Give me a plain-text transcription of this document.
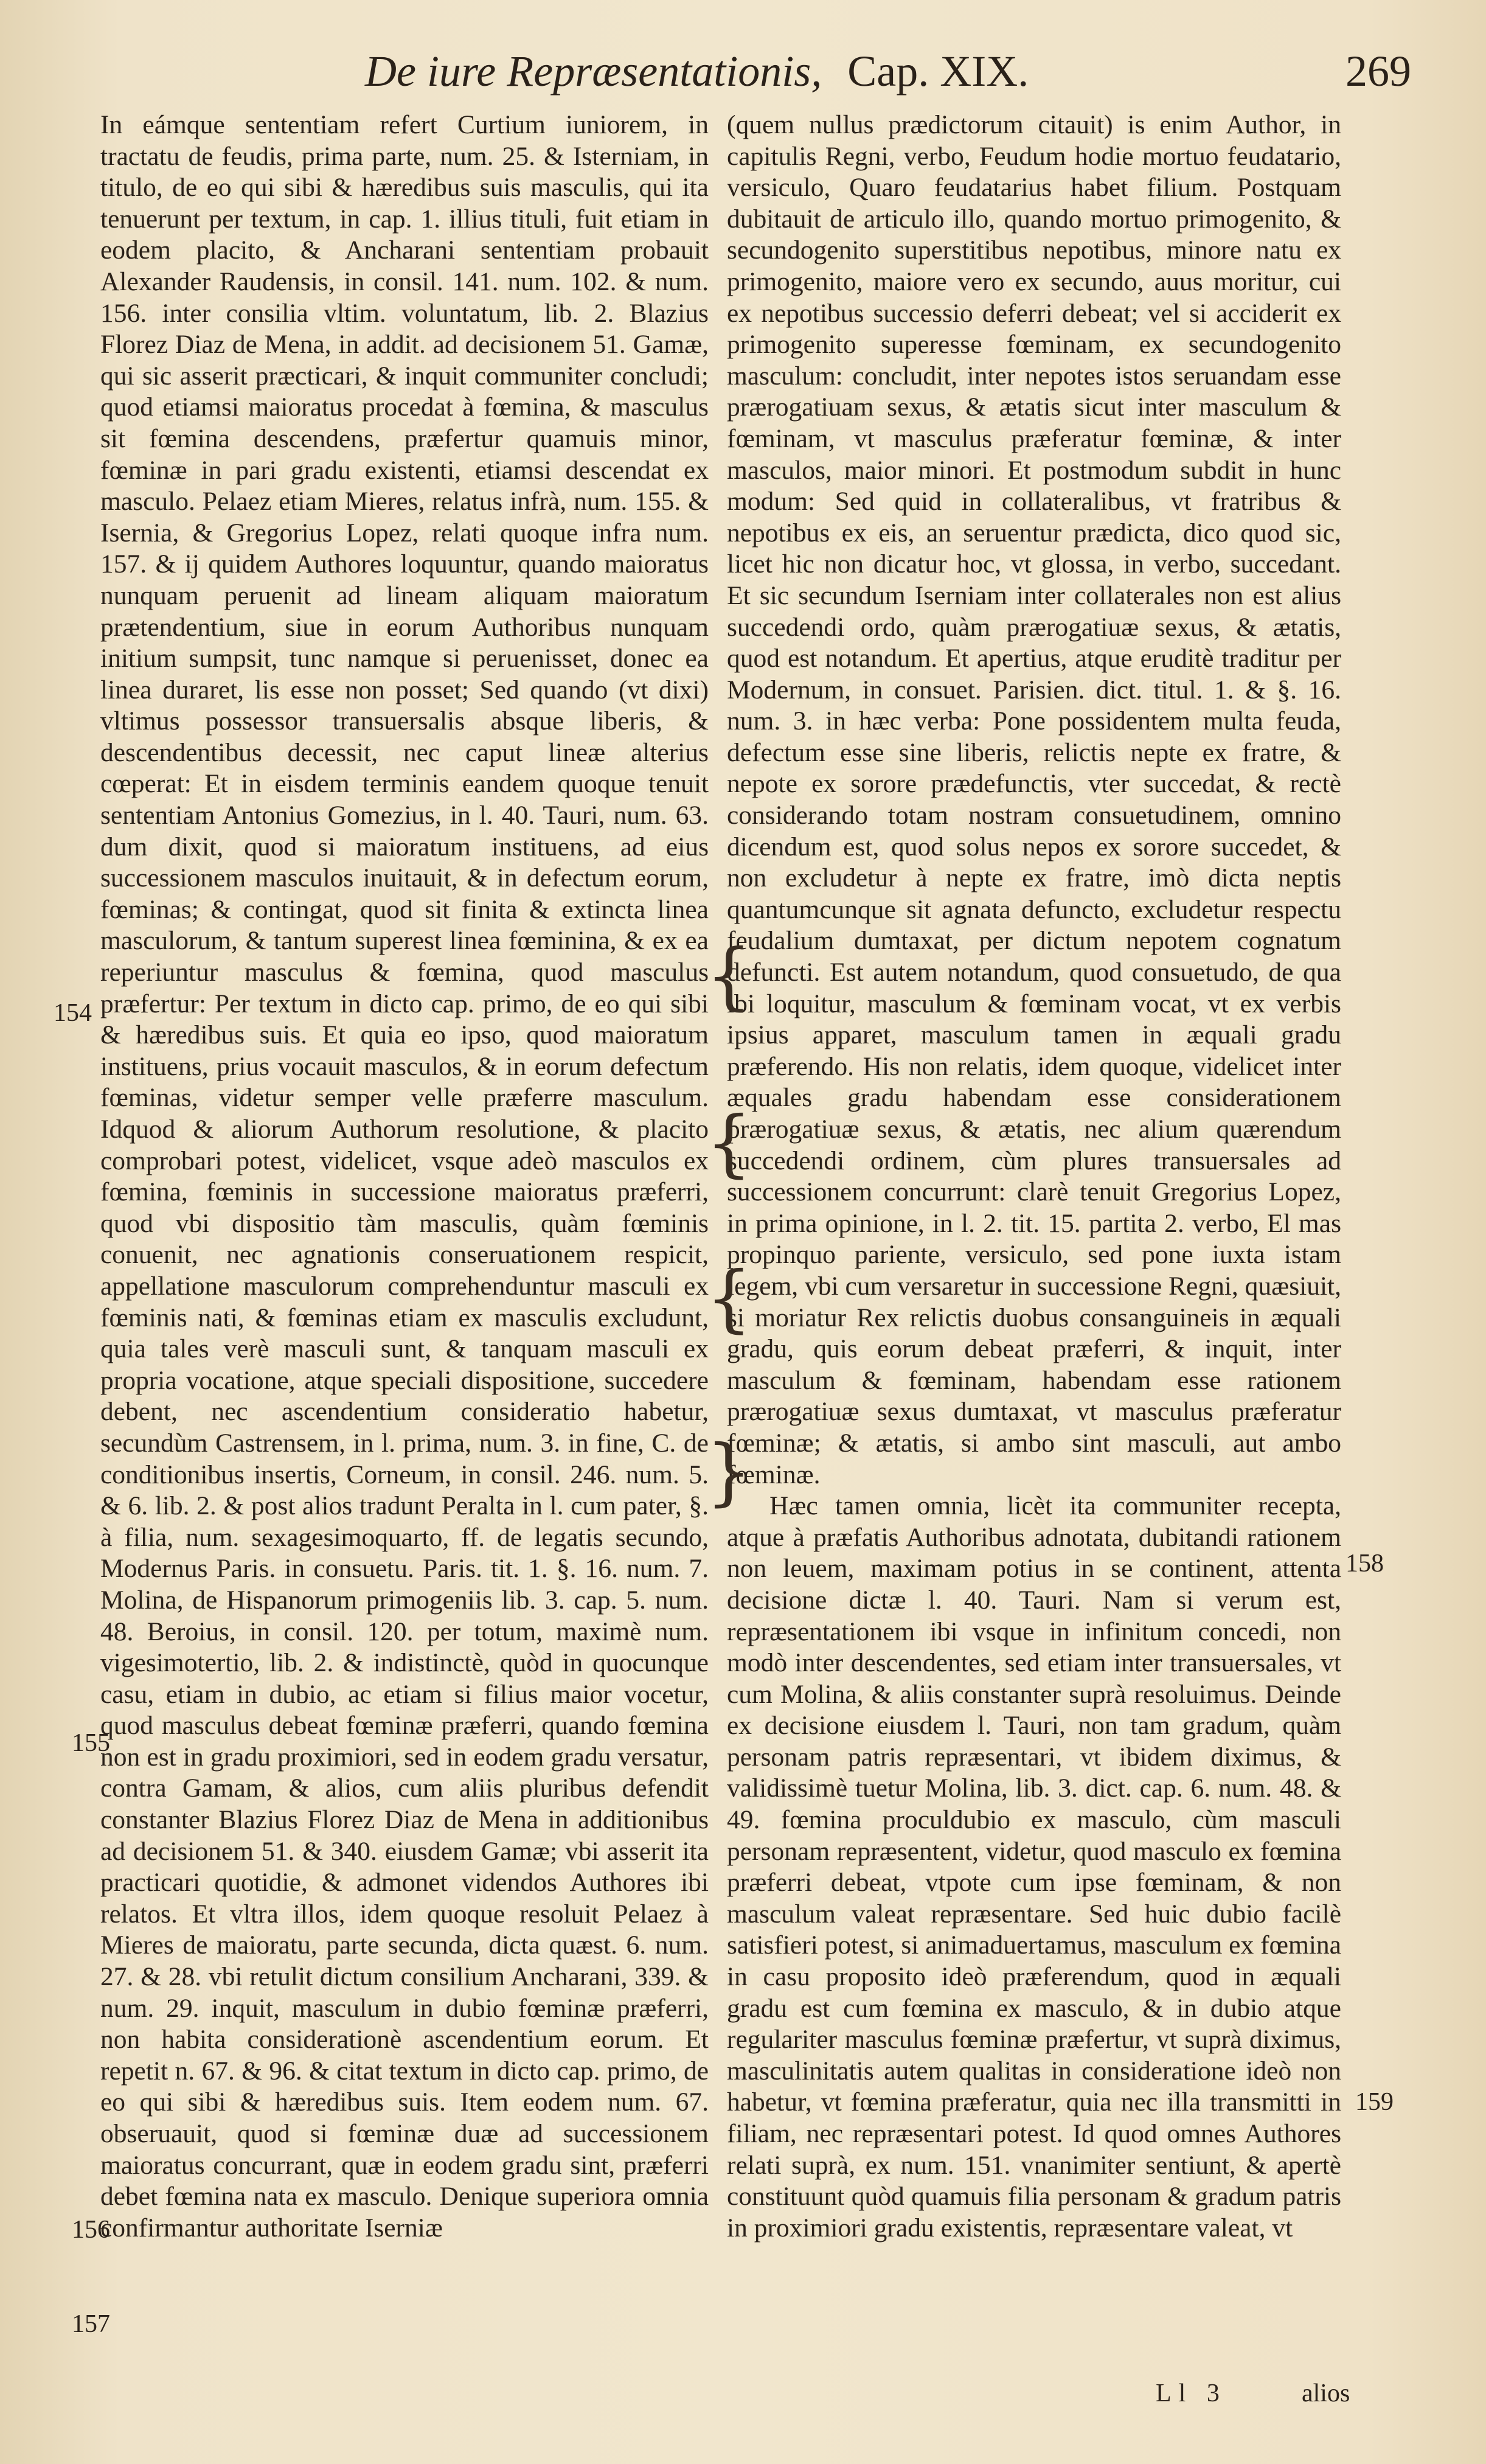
De iure Repræsentationis, Cap. XIX.	269

In eámque sententiam refert Curtium iuniorem, in tractatu de feudis, prima parte, num. 25. & Isterniam, in titulo, de eo qui sibi & hæredibus suis masculis, qui ita tenuerunt per textum, in cap. 1. illius tituli, fuit etiam in eodem placito, & Ancharani sententiam probauit Alexander Raudensis, in consil. 141. num. 102. & num. 156. inter consilia vltim. voluntatum, lib. 2. Blazius Florez Diaz de Mena, in addit. ad decisionem 51. Gamæ, qui sic asserit præcticari, & inquit communiter concludi; quod etiamsi maioratus procedat à fœmina, & masculus sit fœmina descendens, præfertur quamuis minor, fœminæ in pari gradu existenti, etiamsi descendat ex masculo. Pelaez etiam Mieres, relatus infrà, num. 155. & Isernia, & Gregorius Lopez, relati quoque infra num. 157. & ij quidem Authores loquuntur, quando maioratus nunquam peruenit ad lineam aliquam maioratum prætendentium, siue in eorum Authoribus nunquam initium sumpsit, tunc namque si peruenisset, donec ea linea duraret, lis esse non posset; Sed quando (vt dixi) vltimus possessor transuersalis absque liberis, & descendentibus decessit, nec caput lineæ alterius cœperat: Et in eisdem terminis eandem quoque tenuit sententiam Antonius Gomezius, in l. 40. Tauri, num. 63. dum dixit, quod si maioratum instituens, ad eius successionem masculos inuitauit, & in defectum eorum, fœminas; & contingat, quod sit finita & extincta linea masculorum, & tantum superest linea fœminina, & ex ea reperiuntur masculus & fœmina, quod masculus præfertur: Per textum in dicto cap. primo, de eo qui sibi & hæredibus suis. Et quia eo ipso, quod maioratum instituens, prius vocauit masculos, & in eorum defectum fœminas, videtur semper velle præferre masculum. Idquod & aliorum Authorum resolutione, & placito comprobari potest, videlicet, vsque adeò masculos ex fœmina, fœminis in successione maioratus præferri, quod vbi dispositio tàm masculis, quàm fœminis conuenit, nec agnationis conseruationem respicit, appellatione masculorum comprehenduntur masculi ex fœminis nati, & fœminas etiam ex masculis excludunt, quia tales verè masculi sunt, & tanquam masculi ex propria vocatione, atque speciali dispositione, succedere debent, nec ascendentium consideratio habetur, secundùm Castrensem, in l. prima, num. 3. in fine, C. de conditionibus insertis, Corneum, in consil. 246. num. 5. & 6. lib. 2. & post alios tradunt Peralta in l. cum pater, §. à filia, num. sexagesimoquarto, ff. de legatis secundo, Modernus Paris. in consuetu. Paris. tit. 1. §. 16. num. 7. Molina, de Hispanorum primogeniis lib. 3. cap. 5. num. 48. Beroius, in consil. 120. per totum, maximè num. vigesimotertio, lib. 2. & indistinctè, quòd in quocunque casu, etiam in dubio, ac etiam si filius maior vocetur, quod masculus debeat fœminæ præferri, quando fœmina non est in gradu proximiori, sed in eodem gradu versatur, contra Gamam, & alios, cum aliis pluribus defendit constanter Blazius Florez Diaz de Mena in additionibus ad decisionem 51. & 340. eiusdem Gamæ; vbi asserit ita practicari quotidie, & admonet videndos Authores ibi relatos. Et vltra illos, idem quoque resoluit Pelaez à Mieres de maioratu, parte secunda, dicta quæst. 6. num. 27. & 28. vbi retulit dictum consilium Ancharani, 339. & num. 29. inquit, masculum in dubio fœminæ præferri, non habita considerationè ascendentium eorum. Et repetit n. 67. & 96. & citat textum in dicto cap. primo, de eo qui sibi & hæredibus suis. Item eodem num. 67. obseruauit, quod si fœminæ duæ ad successionem maioratus concurrant, quæ in eodem gradu sint, præferri debet fœmina nata ex masculo. Denique superiora omnia confirmantur authoritate Iserniæ

(quem nullus prædictorum citauit) is enim Author, in capitulis Regni, verbo, Feudum hodie mortuo feudatario, versiculo, Quaro feudatarius habet filium. Postquam dubitauit de articulo illo, quando mortuo primogenito, & secundogenito superstitibus nepotibus, minore natu ex primogenito, maiore vero ex secundo, auus moritur, cui ex nepotibus successio deferri debeat; vel si acciderit ex primogenito superesse fœminam, ex secundogenito masculum: concludit, inter nepotes istos seruandam esse prærogatiuam sexus, & ætatis sicut inter masculum & fœminam, vt masculus præferatur fœminæ, & inter masculos, maior minori. Et postmodum subdit in hunc modum: Sed quid in collateralibus, vt fratribus & nepotibus ex eis, an seruentur prædicta, dico quod sic, licet hic non dicatur hoc, vt glossa, in verbo, succedant. Et sic secundum Iserniam inter collaterales non est alius succedendi ordo, quàm prærogatiuæ sexus, & ætatis, quod est notandum. Et apertius, atque eruditè traditur per Modernum, in consuet. Parisien. dict. titul. 1. & §. 16. num. 3. in hæc verba: Pone possidentem multa feuda, defectum esse sine liberis, relictis nepte ex fratre, & nepote ex sorore prædefunctis, vter succedat, & rectè considerando totam nostram consuetudinem, omnino dicendum est, quod solus nepos ex sorore succedet, & non excludetur à nepte ex fratre, imò dicta neptis quantumcunque sit agnata defuncto, excludetur respectu feudalium dumtaxat, per dictum nepotem cognatum defuncti. Est autem notandum, quod consuetudo, de qua ibi loquitur, masculum & fœminam vocat, vt ex verbis ipsius apparet, masculum tamen in æquali gradu præferendo. His non relatis, idem quoque, videlicet inter æquales gradu habendam esse considerationem prærogatiuæ sexus, & ætatis, nec alium quærendum succedendi ordinem, cùm plures transuersales ad successionem concurrunt: clarè tenuit Gregorius Lopez, in prima opinione, in l. 2. tit. 15. partita 2. verbo, El mas propinquo pariente, versiculo, sed pone iuxta istam legem, vbi cum versaretur in successione Regni, quæsiuit, si moriatur Rex relictis duobus consanguineis in æquali gradu, quis eorum debeat præferri, & inquit, inter masculum & fœminam, habendam esse rationem prærogatiuæ sexus dumtaxat, vt masculus præferatur fœminæ; & ætatis, si ambo sint masculi, aut ambo fœminæ.

Hæc tamen omnia, licèt ita communiter recepta, atque à præfatis Authoribus adnotata, dubitandi rationem non leuem, maximam potius in se continent, attenta decisione dictæ l. 40. Tauri. Nam si verum est, repræsentationem ibi vsque in infinitum concedi, non modò inter descendentes, sed etiam inter transuersales, vt cum Molina, & aliis constanter suprà resoluimus. Deinde ex decisione eiusdem l. Tauri, non tam gradum, quàm personam patris repræsentari, vt ibidem diximus, & validissimè tuetur Molina, lib. 3. dict. cap. 6. num. 48. & 49. fœmina proculdubio ex masculo, cùm masculi personam repræsentent, videtur, quod masculo ex fœmina præferri debeat, vtpote cum ipse fœminam, & non masculum valeat repræsentare. Sed huic dubio facilè satisfieri potest, si animaduertamus, masculum ex fœmina in casu proposito ideò præferendum, quod in æquali gradu est cum fœmina ex masculo, & in dubio atque regulariter masculus fœminæ præfertur, vt suprà diximus, masculinitatis autem qualitas in consideratione ideò non habetur, vt fœmina præferatur, quia nec illa transmitti in filiam, nec repræsentari potest. Id quod omnes Authores relati suprà, ex num. 151. vnanimiter sentiunt, & apertè constituunt quòd quamuis filia personam & gradum patris in proximiori gradu existentis, repræsentare valeat, vt

154
155
156
157
158
159
{
{
{
}
Ll 3	alios
